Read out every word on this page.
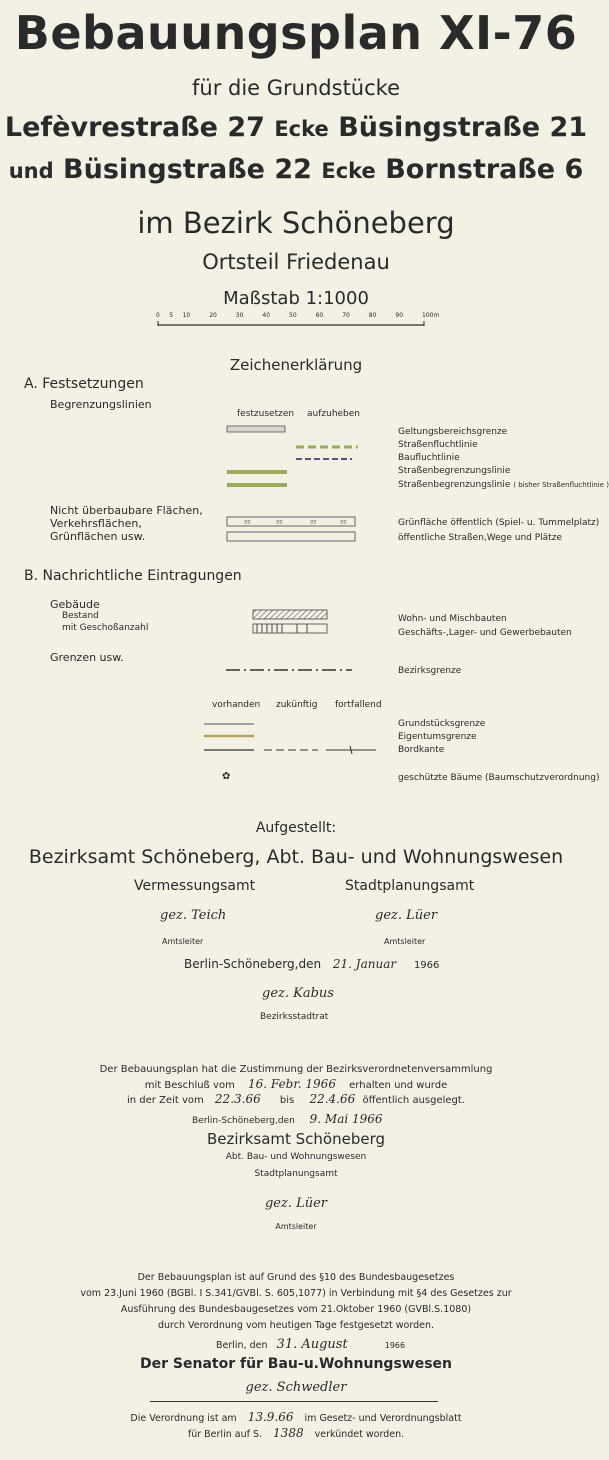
Bebauungsplan XI-76
für die Grundstücke
Lefèvrestraße 27 Ecke Büsingstraße 21
und Büsingstraße 22 Ecke Bornstraße 6
im Bezirk Schöneberg
Ortsteil Friedenau
Maßstab 1:1000
0 5 10	20	30	40	50	60	70	80	90	100m
Zeichenerklärung
A. Festsetzungen
Begrenzungslinien
festzusetzen aufzuheben
Geltungsbereichsgrenze
Straßenfluchtlinie
Baufluchtlinie
Straßenbegrenzungslinie
Straßenbegrenzungslinie ( bisher Straßenfluchtlinie )
Nicht überbaubare Flächen,
Verkehrsflächen,
Grünflächen usw.
ºº	ºº	ºº	ºº	Grünfläche öffentlich (Spiel- u. Tummelplatz)
öffentliche Straßen,Wege und Plätze
B. Nachrichtliche Eintragungen
Gebäude
Bestand
mit Geschoßanzahl
Wohn- und Mischbauten
Geschäfts-,Lager- und Gewerbebauten
Grenzen usw.
Bezirksgrenze
vorhanden zukünftig fortfallend
Grundstücksgrenze
Eigentumsgrenze
Bordkante
✿	geschützte Bäume (Baumschutzverordnung)
Aufgestellt:
Bezirksamt Schöneberg, Abt. Bau- und Wohnungswesen
Vermessungsamt	Stadtplanungsamt
gez. Teich	gez. Lüer
Amtsleiter	Amtsleiter
Berlin-Schöneberg,den 21. Januar 1966
gez. Kabus
Bezirksstadtrat
Der Bebauungsplan hat die Zustimmung der Bezirksverordnetenversammlung
mit Beschluß vom 16. Febr. 1966 erhalten und wurde
in der Zeit vom 22.3.66 bis 22.4.66 öffentlich ausgelegt.
Berlin-Schöneberg,den 9. Mai 1966
Bezirksamt Schöneberg
Abt. Bau- und Wohnungswesen
Stadtplanungsamt
gez. Lüer
Amtsleiter
Der Bebauungsplan ist auf Grund des §10 des Bundesbaugesetzes
vom 23.Juni 1960 (BGBl. I S.341/GVBl. S. 605,1077) in Verbindung mit §4 des Gesetzes zur
Ausführung des Bundesbaugesetzes vom 21.Oktober 1960 (GVBl.S.1080)
durch Verordnung vom heutigen Tage festgesetzt worden.
Berlin, den 31. August	1966
Der Senator für Bau-u.Wohnungswesen
gez. Schwedler
Die Verordnung ist am 13.9.66 im Gesetz- und Verordnungsblatt
für Berlin auf S. 1388 verkündet worden.
